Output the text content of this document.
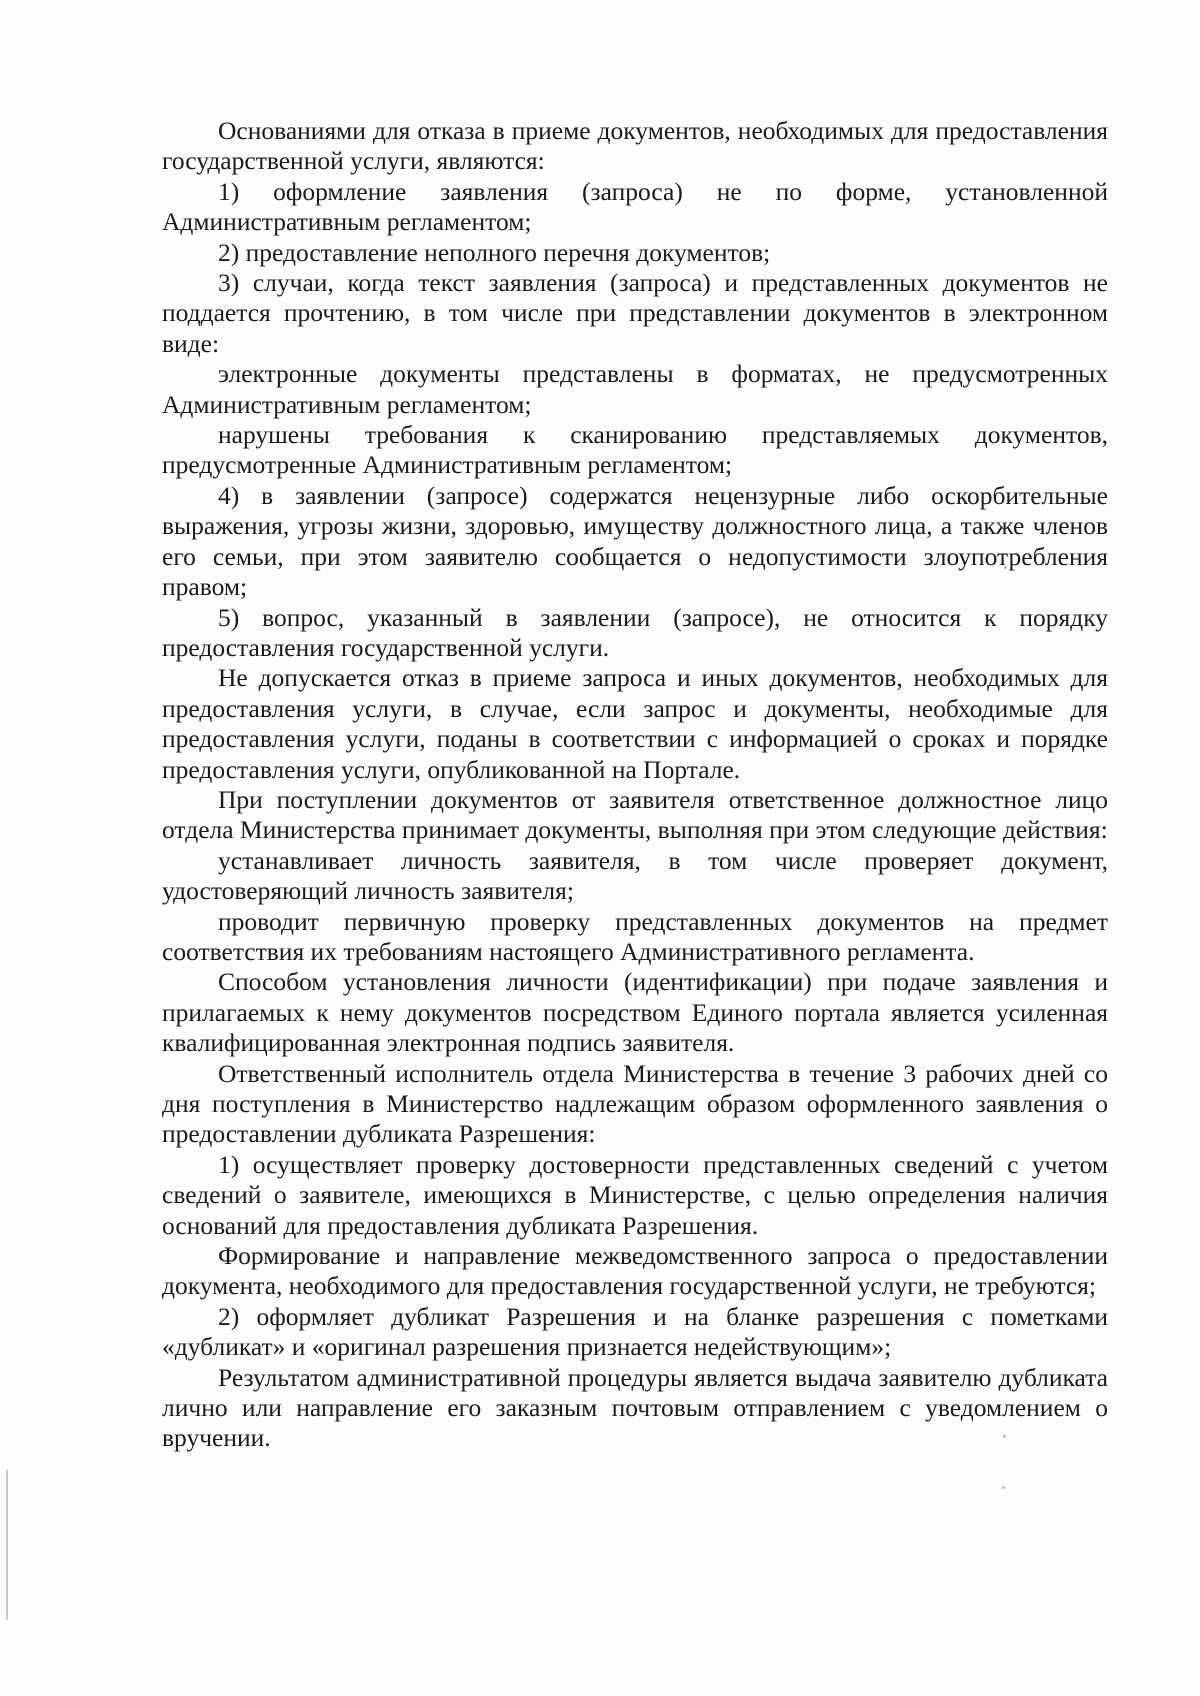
Основаниями для отказа в приеме документов, необходимых для предоставления государственной услуги, являются:

1) оформление заявления (запроса) не по форме, установленной Административным регламентом;

2) предоставление неполного перечня документов;

3) случаи, когда текст заявления (запроса) и представленных документов не поддается прочтению, в том числе при представлении документов в электронном виде:

электронные документы представлены в форматах, не предусмотренных Административным регламентом;

нарушены требования к сканированию представляемых документов, предусмотренные Административным регламентом;

4) в заявлении (запросе) содержатся нецензурные либо оскорбительные выражения, угрозы жизни, здоровью, имуществу должностного лица, а также членов его семьи, при этом заявителю сообщается о недопустимости злоупотребления правом;

5) вопрос, указанный в заявлении (запросе), не относится к порядку предоставления государственной услуги.

Не допускается отказ в приеме запроса и иных документов, необходимых для предоставления услуги, в случае, если запрос и документы, необходимые для предоставления услуги, поданы в соответствии с информацией о сроках и порядке предоставления услуги, опубликованной на Портале.

При поступлении документов от заявителя ответственное должностное лицо отдела Министерства принимает документы, выполняя при этом следующие действия:

устанавливает личность заявителя, в том числе проверяет документ, удостоверяющий личность заявителя;

проводит первичную проверку представленных документов на предмет соответствия их требованиям настоящего Административного регламента.

Способом установления личности (идентификации) при подаче заявления и прилагаемых к нему документов посредством Единого портала является усиленная квалифицированная электронная подпись заявителя.

Ответственный исполнитель отдела Министерства в течение 3 рабочих дней со дня поступления в Министерство надлежащим образом оформленного заявления о предоставлении дубликата Разрешения:

1) осуществляет проверку достоверности представленных сведений с учетом сведений о заявителе, имеющихся в Министерстве, с целью определения наличия оснований для предоставления дубликата Разрешения.

Формирование и направление межведомственного запроса о предоставлении документа, необходимого для предоставления государственной услуги, не требуются;

2) оформляет дубликат Разрешения и на бланке разрешения с пометками «дубликат» и «оригинал разрешения признается недействующим»;

Результатом административной процедуры является выдача заявителю дубликата лично или направление его заказным почтовым отправлением с уведомлением о вручении.
